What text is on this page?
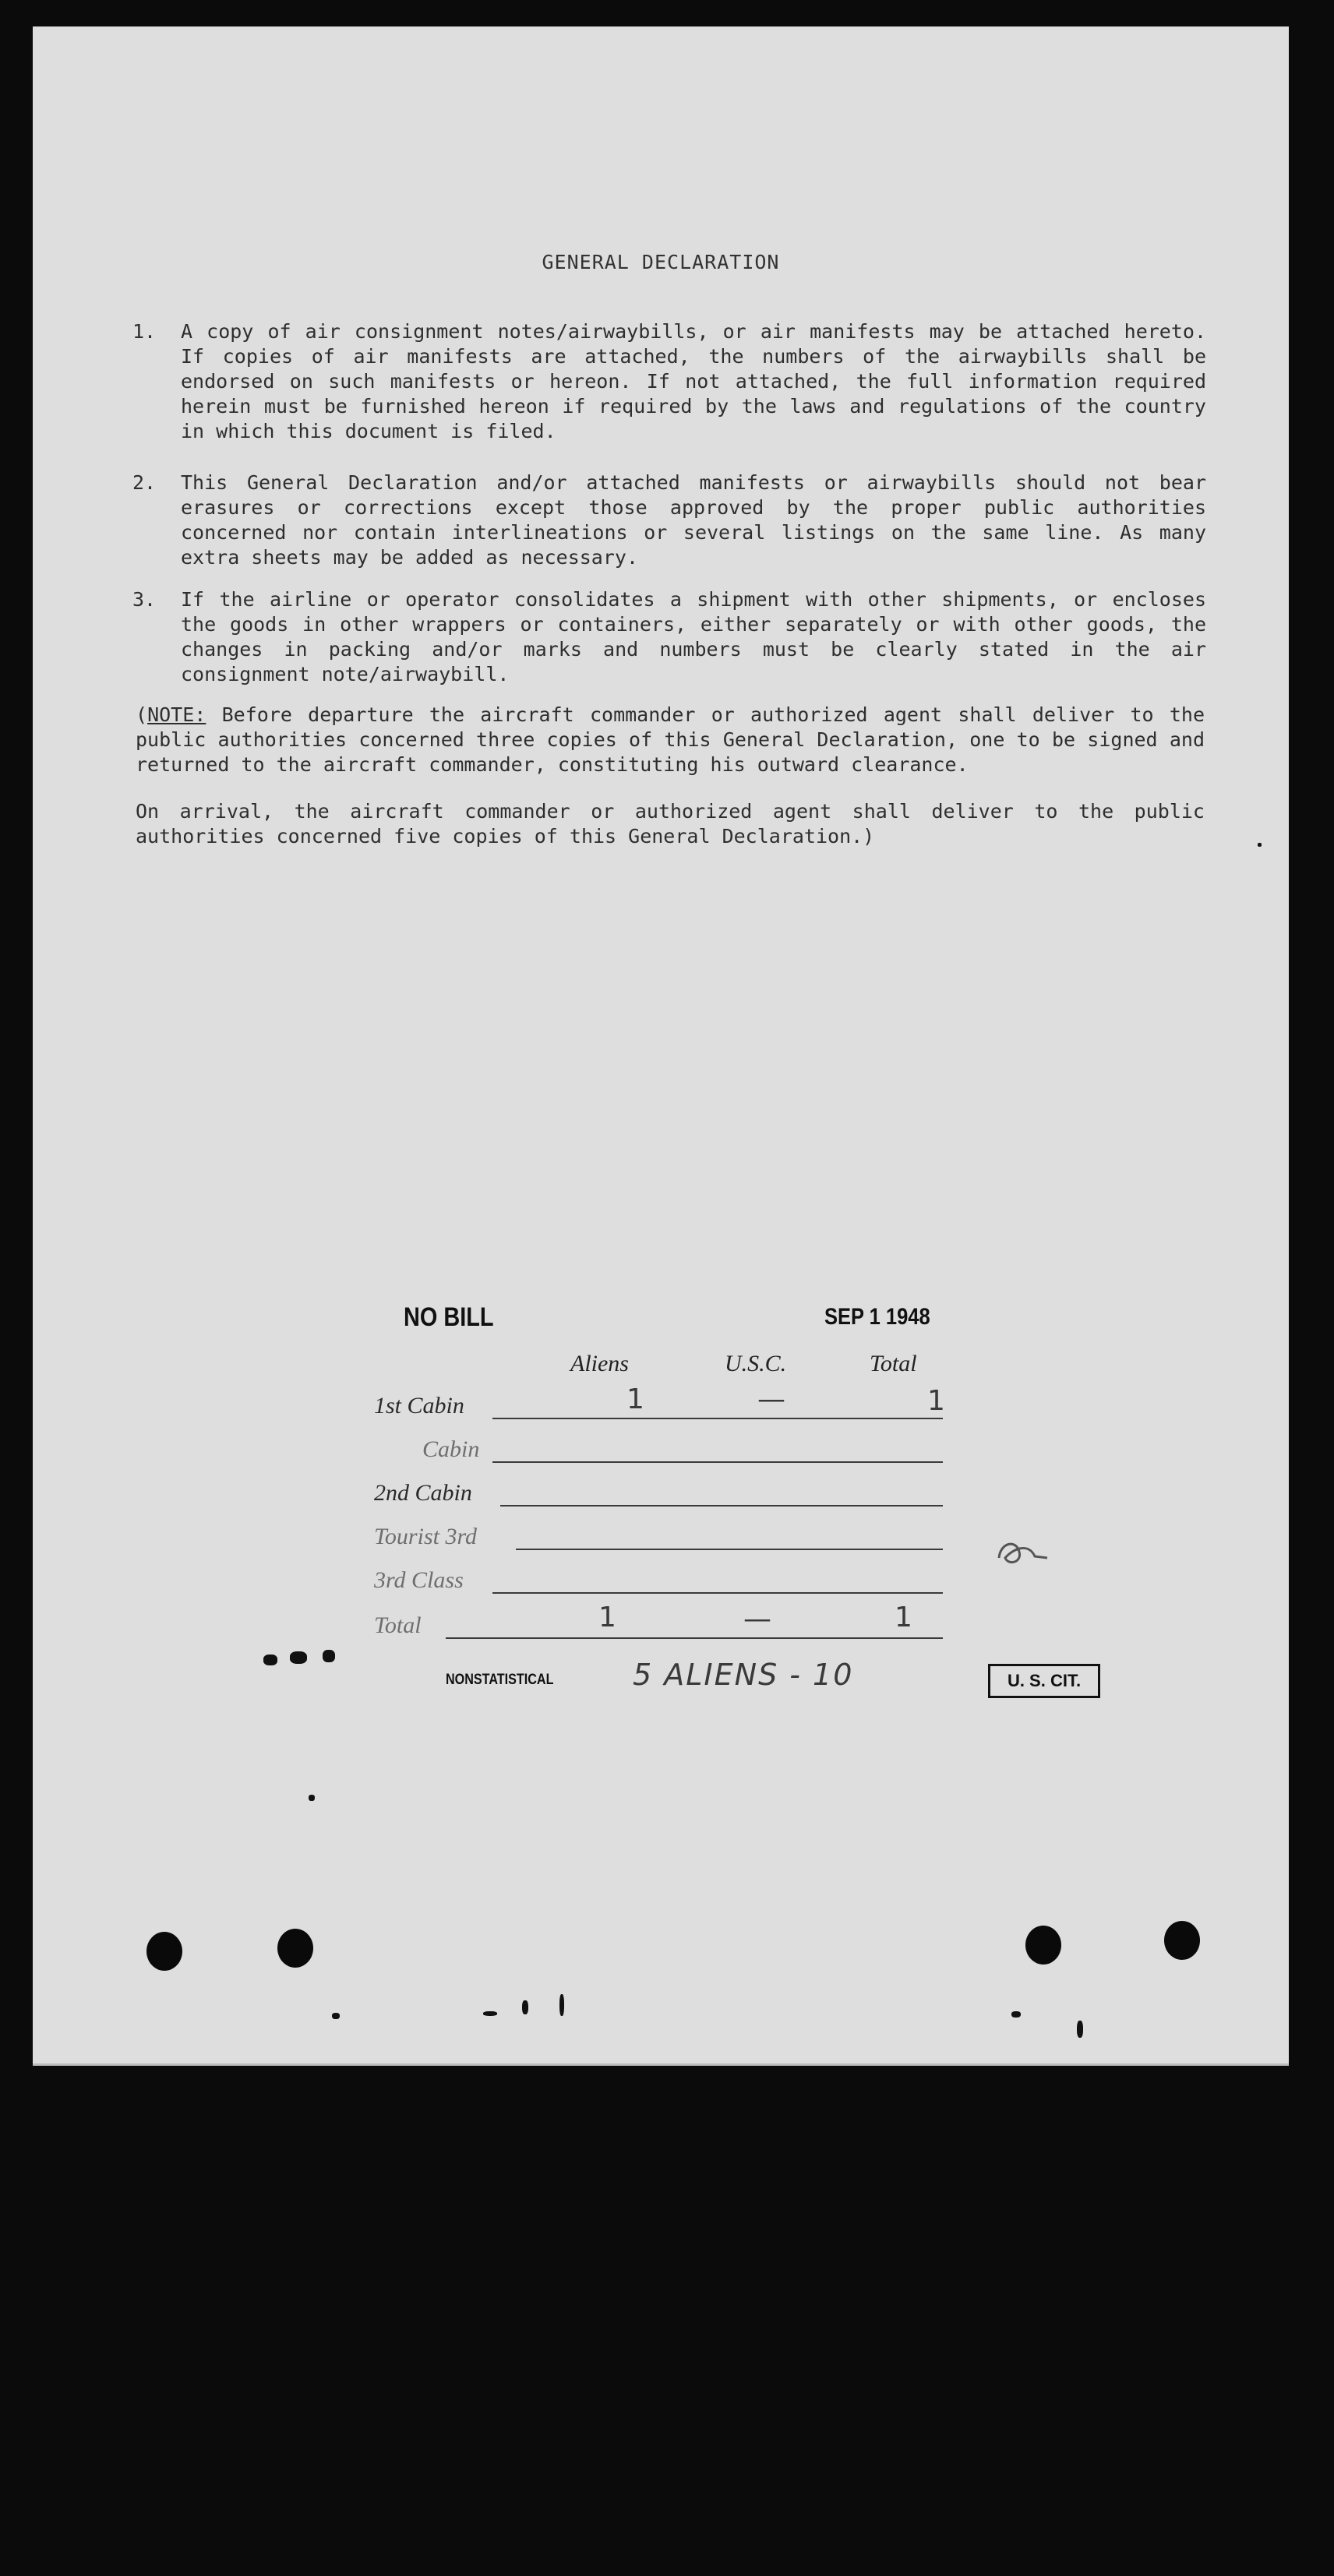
GENERAL DECLARATION
1.	A copy of air consignment notes/airwaybills, or air manifests may be attached hereto. If copies of air manifests are attached, the numbers of the airwaybills shall be endorsed on such manifests or hereon. If not attached, the full information required herein must be furnished hereon if required by the laws and regulations of the country in which this document is filed.
2.	This General Declaration and/or attached manifests or airwaybills should not bear erasures or corrections except those approved by the proper public authorities concerned nor contain interlineations or several listings on the same line. As many extra sheets may be added as necessary.
3.	If the airline or operator consolidates a shipment with other shipments, or encloses the goods in other wrappers or containers, either separately or with other goods, the changes in packing and/or marks and numbers must be clearly stated in the air consignment note/airwaybill.
(NOTE: Before departure the aircraft commander or authorized agent shall deliver to the public authorities concerned three copies of this General Declaration, one to be signed and returned to the aircraft commander, constituting his outward clearance.
On arrival, the aircraft commander or authorized agent shall deliver to the public authorities concerned five copies of this General Declaration.)
NO BILL	SEP 1 1948
Aliens	U.S.C.	Total
1st Cabin	1	—	1
Cabin
2nd Cabin
Tourist 3rd
3rd Class
Total	1	—	1
NONSTATISTICAL	5 ALIENS - 10	U. S. CIT.
